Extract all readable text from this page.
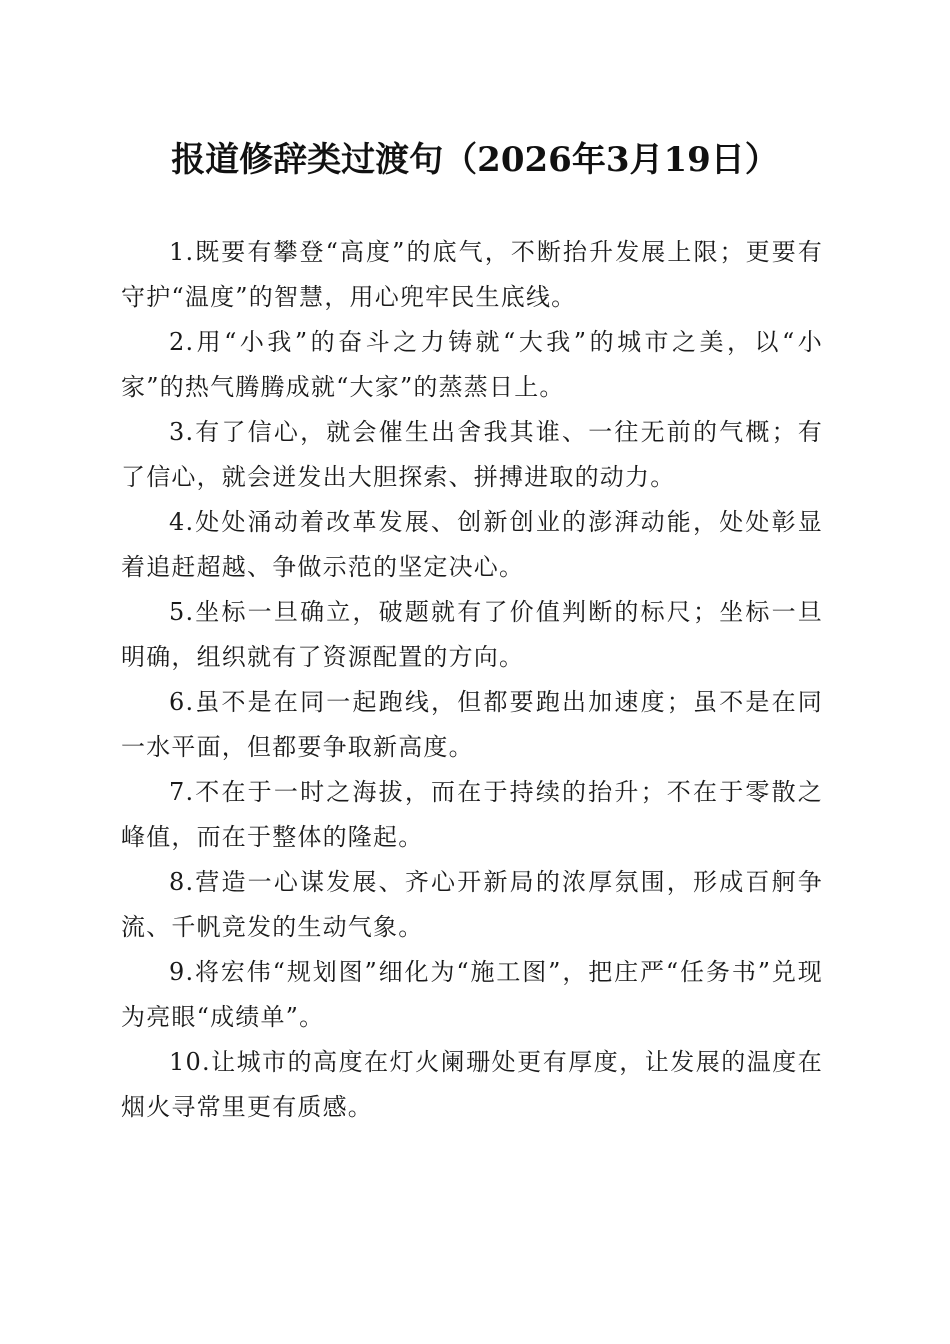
报道修辞类过渡句（2026年3月19日）

1.既要有攀登“高度”的底气，不断抬升发展上限；更要有守护“温度”的智慧，用心兜牢民生底线。

2.用“小我”的奋斗之力铸就“大我”的城市之美，以“小家”的热气腾腾成就“大家”的蒸蒸日上。

3.有了信心，就会催生出舍我其谁、一往无前的气概；有了信心，就会迸发出大胆探索、拼搏进取的动力。

4.处处涌动着改革发展、创新创业的澎湃动能，处处彰显着追赶超越、争做示范的坚定决心。

5.坐标一旦确立，破题就有了价值判断的标尺；坐标一旦明确，组织就有了资源配置的方向。

6.虽不是在同一起跑线，但都要跑出加速度；虽不是在同一水平面，但都要争取新高度。

7.不在于一时之海拔，而在于持续的抬升；不在于零散之峰值，而在于整体的隆起。

8.营造一心谋发展、齐心开新局的浓厚氛围，形成百舸争流、千帆竞发的生动气象。

9.将宏伟“规划图”细化为“施工图”，把庄严“任务书”兑现为亮眼“成绩单”。

10.让城市的高度在灯火阑珊处更有厚度，让发展的温度在烟火寻常里更有质感。
